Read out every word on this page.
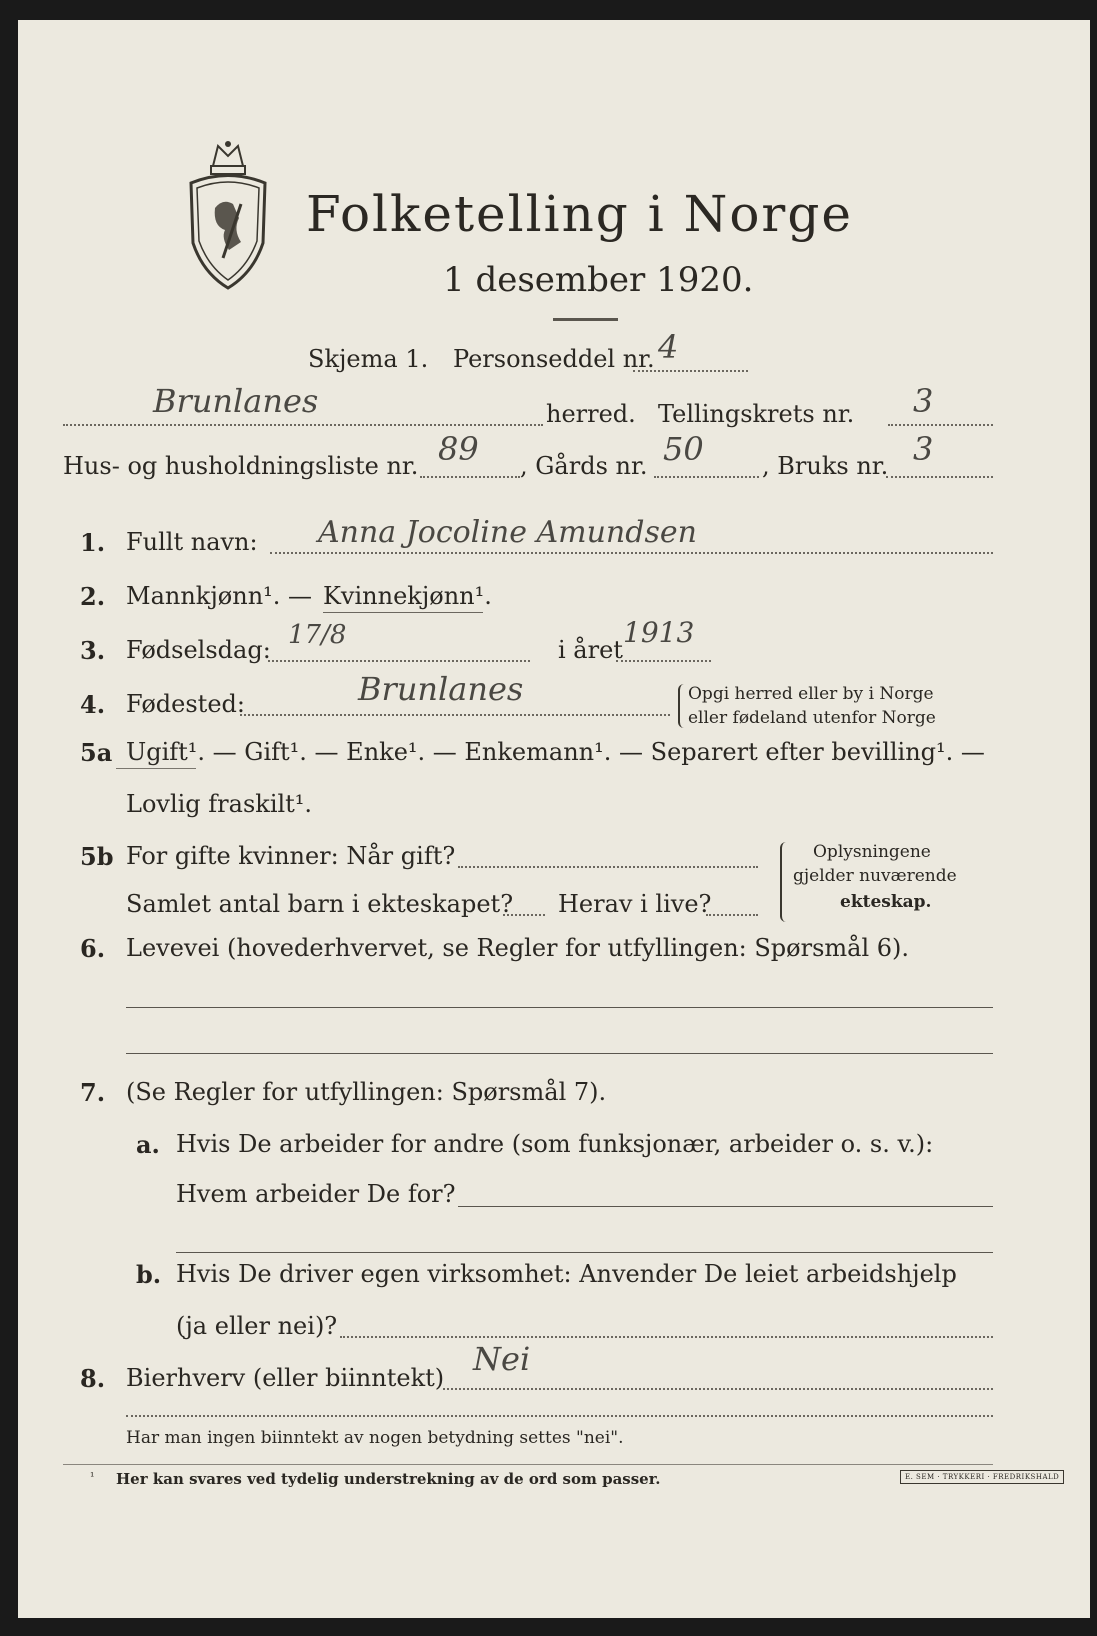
Folketelling i Norge
1 desember 1920.
Skjema 1. Personseddel nr. 4
Brunlanes	herred. Tellingskrets nr. 3
Hus- og husholdningsliste nr. 89 , Gårds nr. 50 , Bruks nr. 3
1. Fullt navn: Anna Jocoline Amundsen
2. Mannkjønn¹. — Kvinnekjønn¹.
3. Fødselsdag: 17/8	i året
1913
4. Fødested:	Brunlanes	Opgi herred eller by i Norge
eller fødeland utenfor Norge
5a Ugift¹. — Gift¹. — Enke¹. — Enkemann¹. — Separert efter bevilling¹. —
Lovlig fraskilt¹.
5b For gifte kvinner: Når gift?
Samlet antal barn i ekteskapet? Herav i live?
Oplysningene
gjelder nuværende
ekteskap.
6. Levevei (hovederhvervet, se Regler for utfyllingen: Spørsmål 6).
7. (Se Regler for utfyllingen: Spørsmål 7).
a. Hvis De arbeider for andre (som funksjonær, arbeider o. s. v.):
Hvem arbeider De for?
b. Hvis De driver egen virksomhet: Anvender De leiet arbeidshjelp
(ja eller nei)?
8. Bierhverv (eller biinntekt) Nei
Har man ingen biinntekt av nogen betydning settes "nei".
¹ Her kan svares ved tydelig understrekning av de ord som passer.	E. SEM · TRYKKERI · FREDRIKSHALD
